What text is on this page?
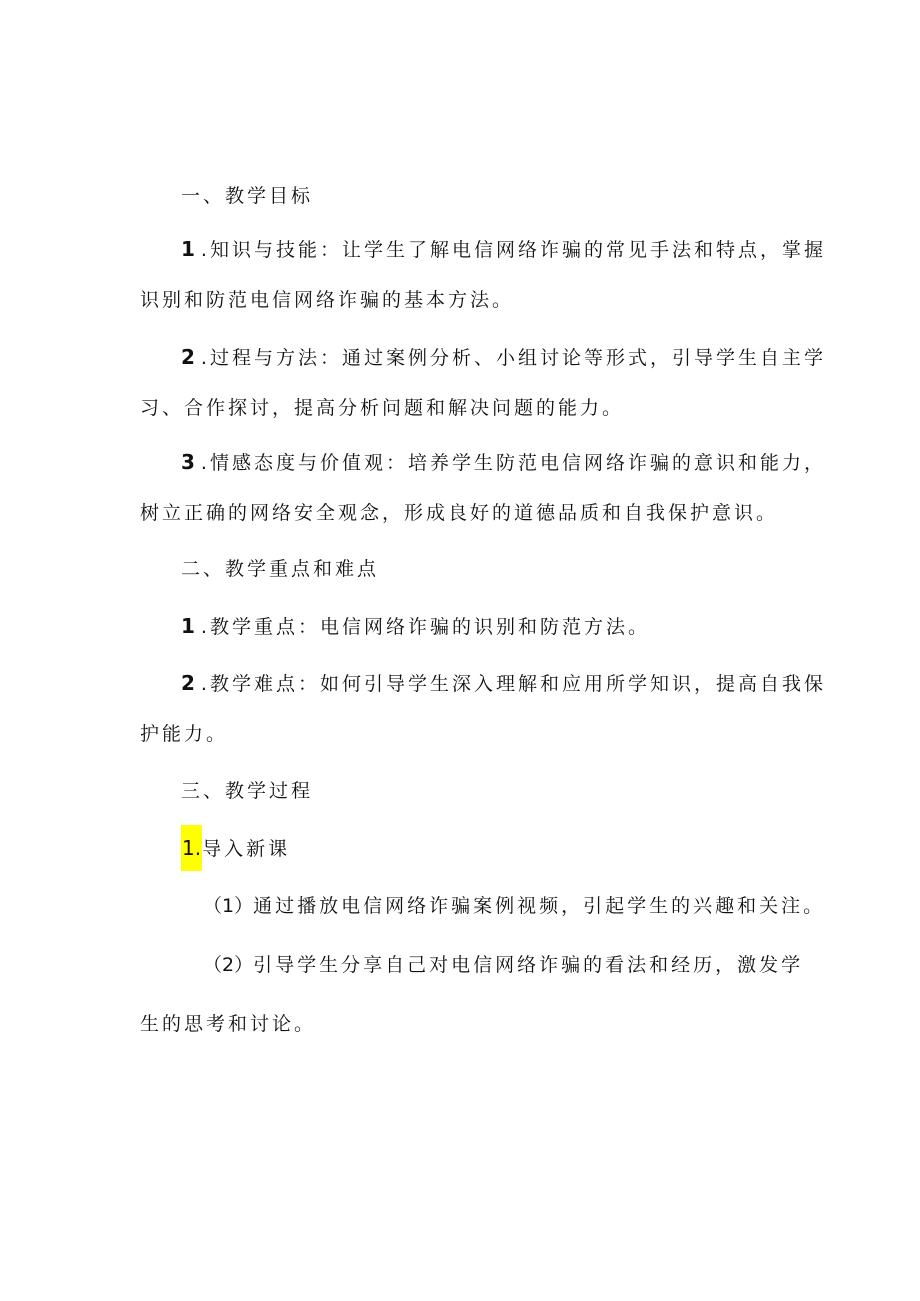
一、教学目标
1 .知识与技能：让学生了解电信网络诈骗的常见手法和特点，掌握
识别和防范电信网络诈骗的基本方法。
2 .过程与方法：通过案例分析、小组讨论等形式，引导学生自主学
习、合作探讨，提高分析问题和解决问题的能力。
3 .情感态度与价值观：培养学生防范电信网络诈骗的意识和能力，
树立正确的网络安全观念，形成良好的道德品质和自我保护意识。
二、教学重点和难点
1 .教学重点：电信网络诈骗的识别和防范方法。
2 .教学难点：如何引导学生深入理解和应用所学知识，提高自我保
护能力。
三、教学过程
1.导入新课
（1）通过播放电信网络诈骗案例视频，引起学生的兴趣和关注。
（2）引导学生分享自己对电信网络诈骗的看法和经历，激发学
生的思考和讨论。
